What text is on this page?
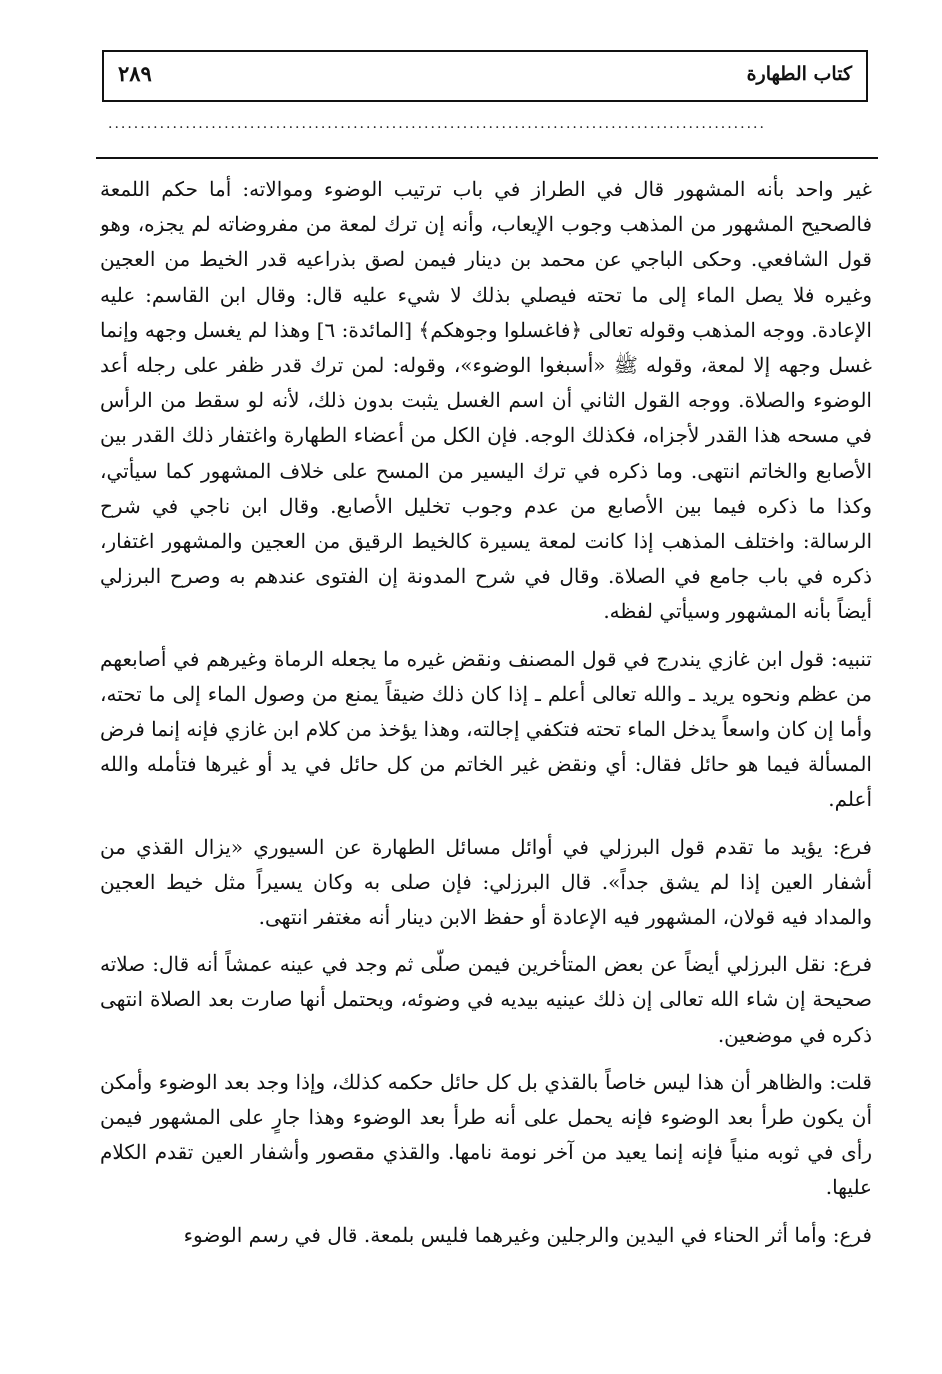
كتاب الطهارة
٢٨٩
......................................................................................................

غير واحد بأنه المشهور قال في الطراز في باب ترتيب الوضوء وموالاته: أما حكم اللمعة فالصحيح المشهور من المذهب وجوب الإيعاب، وأنه إن ترك لمعة من مفروضاته لم يجزه، وهو قول الشافعي. وحكى الباجي عن محمد بن دينار فيمن لصق بذراعيه قدر الخيط من العجين وغيره فلا يصل الماء إلى ما تحته فيصلي بذلك لا شيء عليه قال: وقال ابن القاسم: عليه الإعادة. ووجه المذهب وقوله تعالى ﴿فاغسلوا وجوهكم﴾ [المائدة: ٦] وهذا لم يغسل وجهه وإنما غسل وجهه إلا لمعة، وقوله ﷺ «أسبغوا الوضوء»، وقوله: لمن ترك قدر ظفر على رجله أعد الوضوء والصلاة. ووجه القول الثاني أن اسم الغسل يثبت بدون ذلك، لأنه لو سقط من الرأس في مسحه هذا القدر لأجزاه، فكذلك الوجه. فإن الكل من أعضاء الطهارة واغتفار ذلك القدر بين الأصابع والخاتم انتهى. وما ذكره في ترك اليسير من المسح على خلاف المشهور كما سيأتي، وكذا ما ذكره فيما بين الأصابع من عدم وجوب تخليل الأصابع. وقال ابن ناجي في شرح الرسالة: واختلف المذهب إذا كانت لمعة يسيرة كالخيط الرقيق من العجين والمشهور اغتفار، ذكره في باب جامع في الصلاة. وقال في شرح المدونة إن الفتوى عندهم به وصرح البرزلي أيضاً بأنه المشهور وسيأتي لفظه.

تنبيه: قول ابن غازي يندرج في قول المصنف ونقض غيره ما يجعله الرماة وغيرهم في أصابعهم من عظم ونحوه يريد ـ والله تعالى أعلم ـ إذا كان ذلك ضيقاً يمنع من وصول الماء إلى ما تحته، وأما إن كان واسعاً يدخل الماء تحته فتكفي إجالته، وهذا يؤخذ من كلام ابن غازي فإنه إنما فرض المسألة فيما هو حائل فقال: أي ونقض غير الخاتم من كل حائل في يد أو غيرها فتأمله والله أعلم.

فرع: يؤيد ما تقدم قول البرزلي في أوائل مسائل الطهارة عن السيوري «يزال القذي من أشفار العين إذا لم يشق جداً». قال البرزلي: فإن صلى به وكان يسيراً مثل خيط العجين والمداد فيه قولان، المشهور فيه الإعادة أو حفظ الابن دينار أنه مغتفر انتهى.

فرع: نقل البرزلي أيضاً عن بعض المتأخرين فيمن صلّى ثم وجد في عينه عمشاً أنه قال: صلاته صحيحة إن شاء الله تعالى إن ذلك عينيه بيديه في وضوئه، ويحتمل أنها صارت بعد الصلاة انتهى ذكره في موضعين.

قلت: والظاهر أن هذا ليس خاصاً بالقذي بل كل حائل حكمه كذلك، وإذا وجد بعد الوضوء وأمكن أن يكون طرأ بعد الوضوء فإنه يحمل على أنه طرأ بعد الوضوء وهذا جارٍ على المشهور فيمن رأى في ثوبه منياً فإنه إنما يعيد من آخر نومة نامها. والقذي مقصور وأشفار العين تقدم الكلام عليها.

فرع: وأما أثر الحناء في اليدين والرجلين وغيرهما فليس بلمعة. قال في رسم الوضوء
